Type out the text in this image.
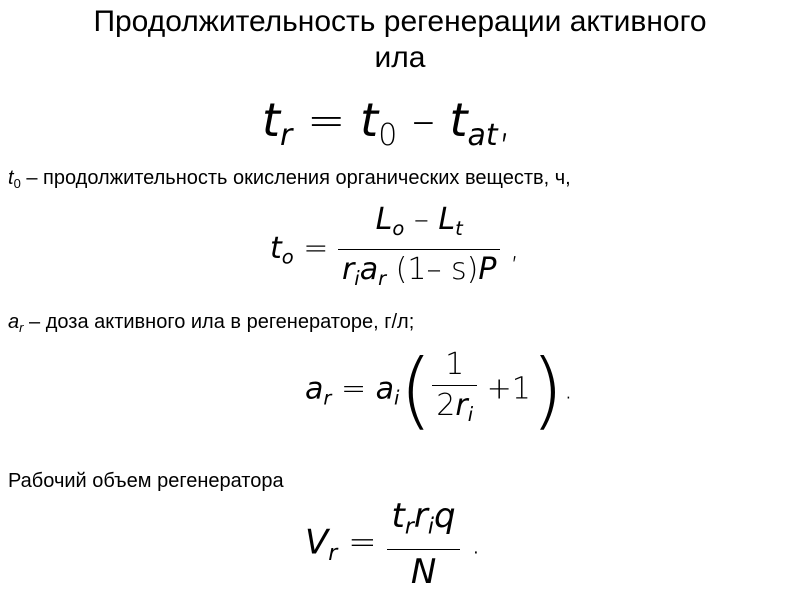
Продолжительность регенерации активного
ила
$t_r = t_0 - t_{at}$,
$t_0$ – продолжительность окисления органических веществ, ч,
$t_o = \frac{L_o - L_t}{r_ia_r (1- s)P}$ ,
$a_r$ – доза активного ила в регенераторе, г/л;
$a_r = a_i( \frac{1}{2r_i} +1)$.
Рабочий объем регенератора
$V_r = \frac{t_rr_iq}{N}$ .
